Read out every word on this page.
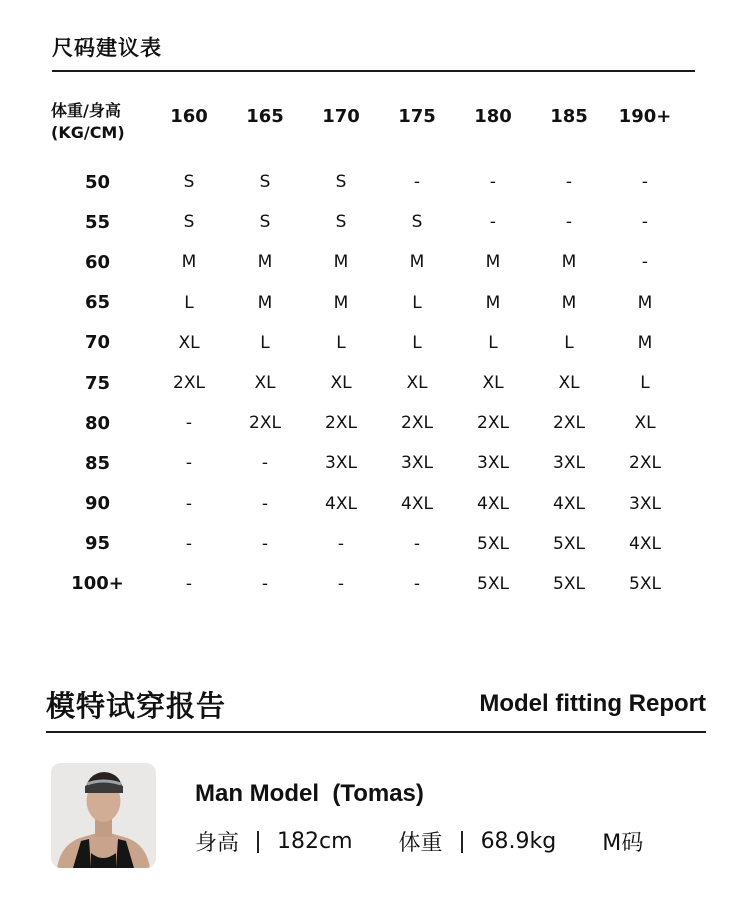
尺码建议表
体重/身高
(KG/CM)	160	165	170	175	180	185	190+
50	S	S	S	-	-	-	-
55	S	S	S	S	-	-	-
60	M	M	M	M	M	M	-
65	L	M	M	L	M	M	M
70	XL	L	L	L	L	L	M
75	2XL	XL	XL	XL	XL	XL	L
80	-	2XL	2XL	2XL	2XL	2XL	XL
85	-	-	3XL	3XL	3XL	3XL	2XL
90	-	-	4XL	4XL	4XL	4XL	3XL
95	-	-	-	-	5XL	5XL	4XL
100+	-	-	-	-	5XL	5XL	5XL
模特试穿报告	Model fitting Report
Man Model  (Tomas)
身高 182cm 体重 68.9kg M码
